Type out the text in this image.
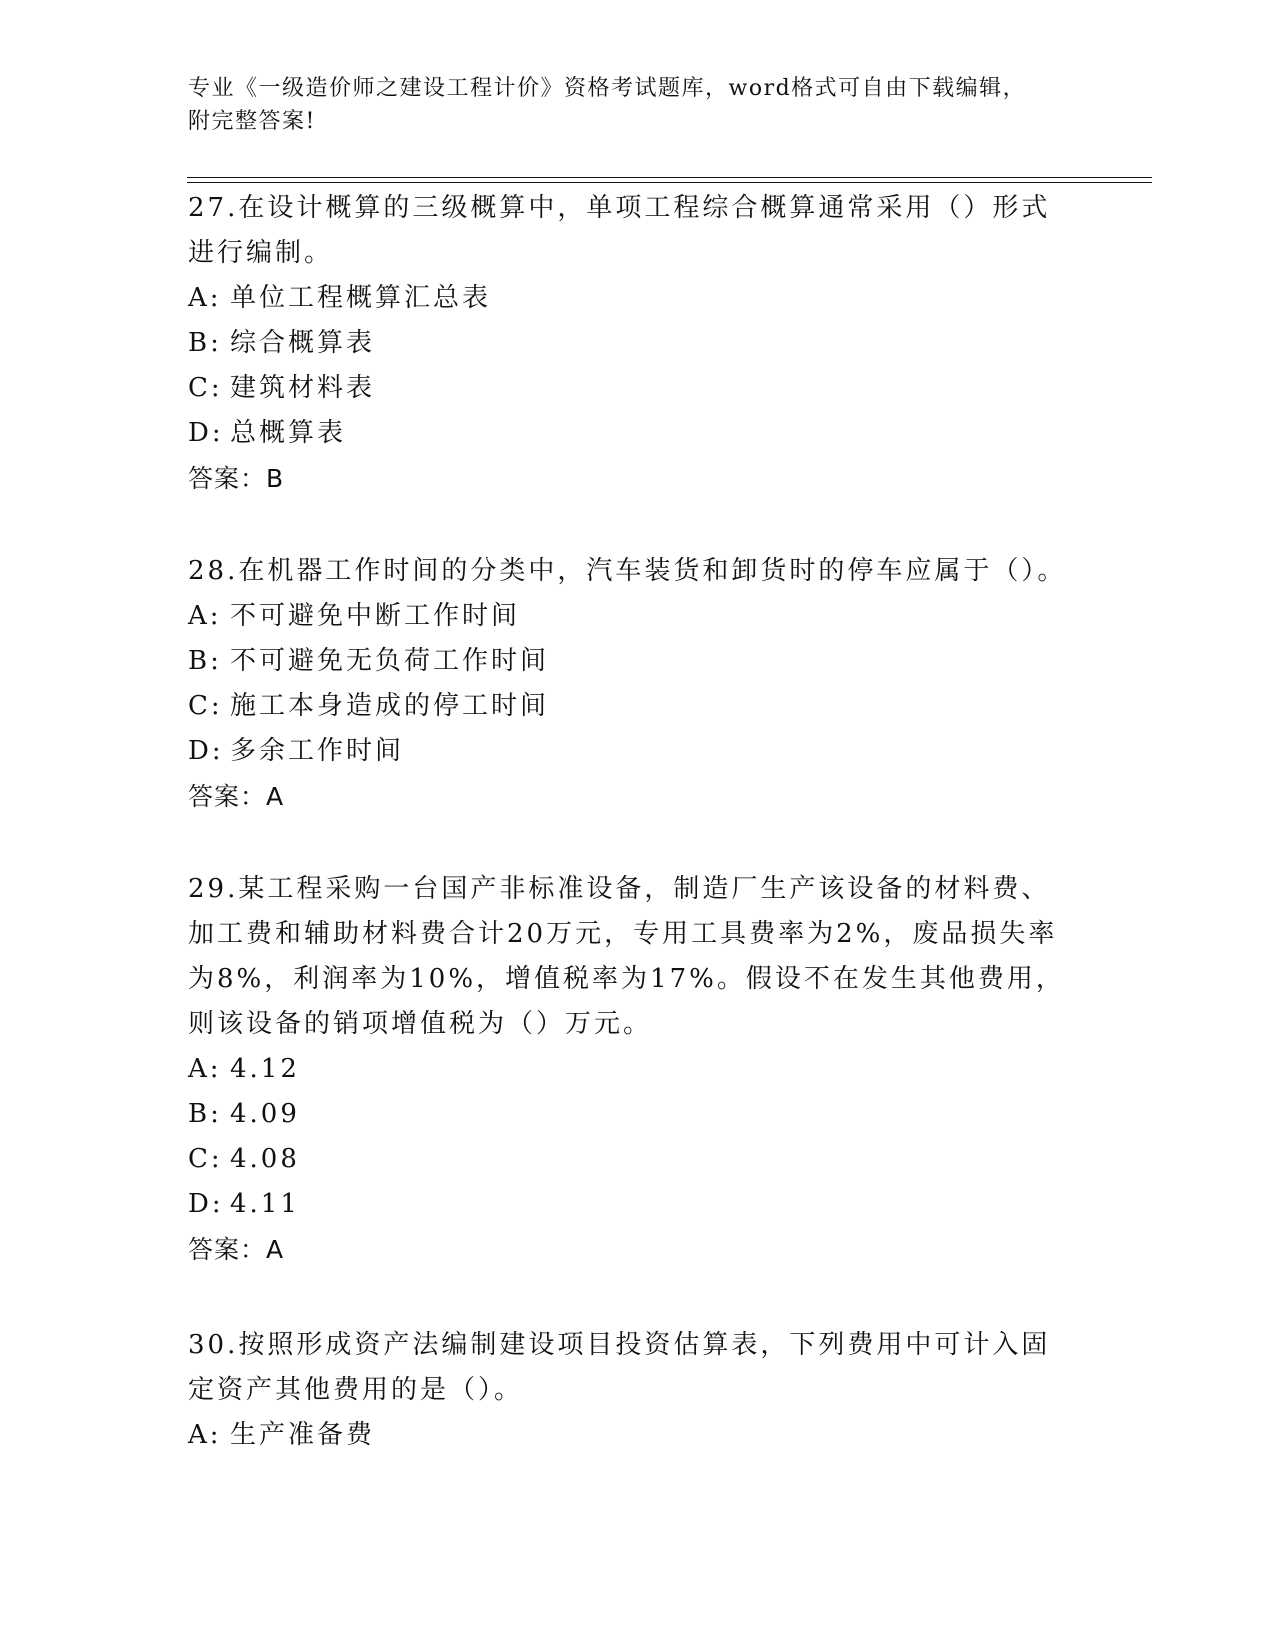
专业《一级造价师之建设工程计价》资格考试题库，word格式可自由下载编辑，
附完整答案!

27.在设计概算的三级概算中，单项工程综合概算通常采用（）形式进行编制。

A: 单位工程概算汇总表

B: 综合概算表

C: 建筑材料表

D: 总概算表

答案：B

28.在机器工作时间的分类中，汽车装货和卸货时的停车应属于（）。

A: 不可避免中断工作时间

B: 不可避免无负荷工作时间

C: 施工本身造成的停工时间

D: 多余工作时间

答案：A

29.某工程采购一台国产非标准设备，制造厂生产该设备的材料费、加工费和辅助材料费合计20万元，专用工具费率为2%，废品损失率为8%，利润率为10%，增值税率为17%。假设不在发生其他费用，则该设备的销项增值税为（）万元。

A: 4.12

B: 4.09

C: 4.08

D: 4.11

答案：A

30.按照形成资产法编制建设项目投资估算表，下列费用中可计入固定资产其他费用的是（）。

A: 生产准备费
